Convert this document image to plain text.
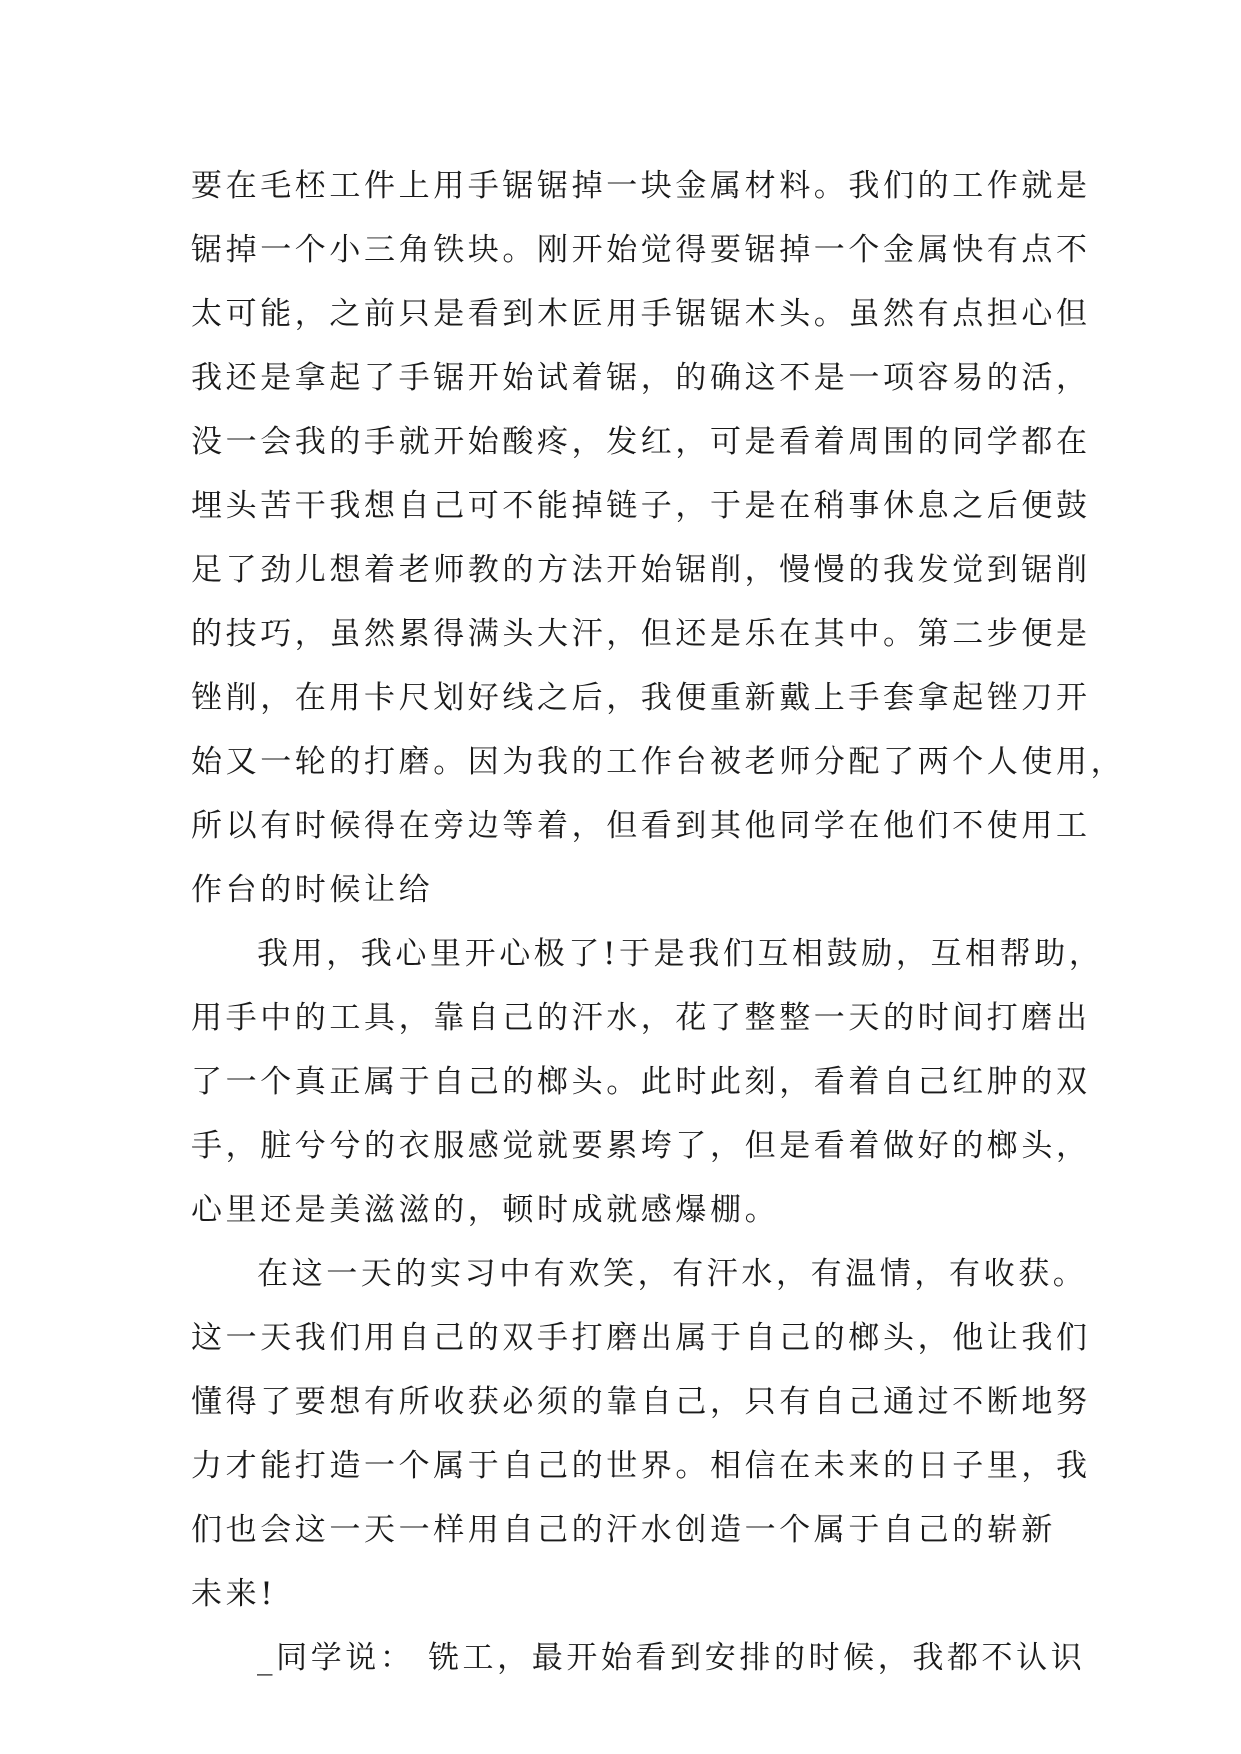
要在毛柸工件上用手锯锯掉一块金属材料。我们的工作就是
锯掉一个小三角铁块。刚开始觉得要锯掉一个金属快有点不
太可能，之前只是看到木匠用手锯锯木头。虽然有点担心但
我还是拿起了手锯开始试着锯，的确这不是一项容易的活，
没一会我的手就开始酸疼，发红，可是看着周围的同学都在
埋头苦干我想自己可不能掉链子，于是在稍事休息之后便鼓
足了劲儿想着老师教的方法开始锯削，慢慢的我发觉到锯削
的技巧，虽然累得满头大汗，但还是乐在其中。第二步便是
锉削，在用卡尺划好线之后，我便重新戴上手套拿起锉刀开
始又一轮的打磨。因为我的工作台被老师分配了两个人使用，
所以有时候得在旁边等着，但看到其他同学在他们不使用工
作台的时候让给
我用，我心里开心极了!于是我们互相鼓励，互相帮助，
用手中的工具，靠自己的汗水，花了整整一天的时间打磨出
了一个真正属于自己的榔头。此时此刻，看着自己红肿的双
手，脏兮兮的衣服感觉就要累垮了，但是看着做好的榔头，
心里还是美滋滋的，顿时成就感爆棚。
在这一天的实习中有欢笑，有汗水，有温情，有收获。
这一天我们用自己的双手打磨出属于自己的榔头，他让我们
懂得了要想有所收获必须的靠自己，只有自己通过不断地努
力才能打造一个属于自己的世界。相信在未来的日子里，我
们也会这一天一样用自己的汗水创造一个属于自己的崭新
未来!
_同学说： 铣工，最开始看到安排的时候，我都不认识
